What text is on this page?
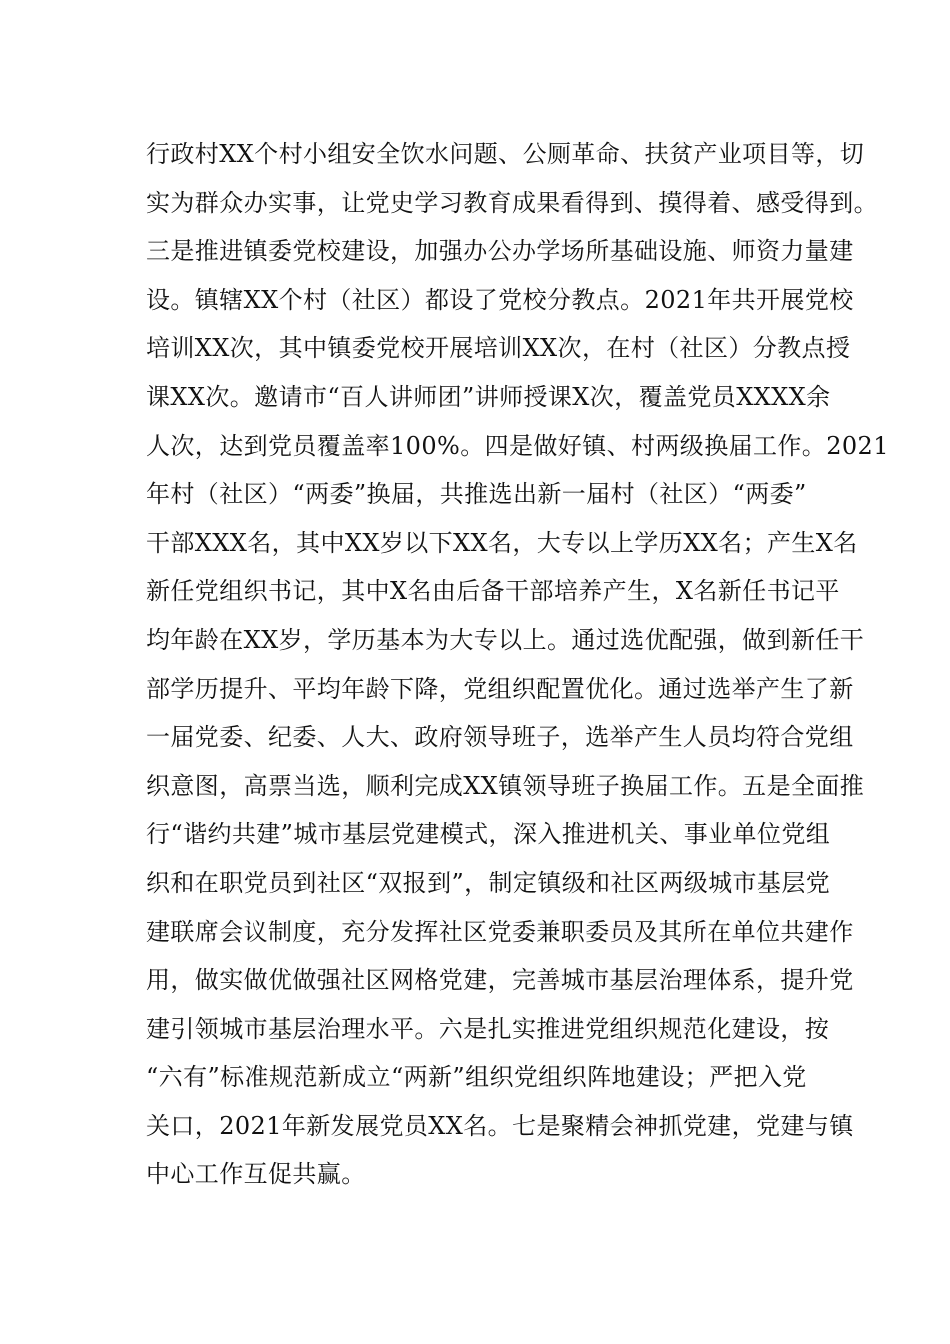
行政村XX个村小组安全饮水问题、公厕革命、扶贫产业项目等，切
实为群众办实事，让党史学习教育成果看得到、摸得着、感受得到。
三是推进镇委党校建设，加强办公办学场所基础设施、师资力量建
设。镇辖XX个村（社区）都设了党校分教点。2021年共开展党校
培训XX次，其中镇委党校开展培训XX次，在村（社区）分教点授
课XX次。邀请市“百人讲师团”讲师授课X次，覆盖党员XXXX余
人次，达到党员覆盖率100%。四是做好镇、村两级换届工作。2021
年村（社区）“两委”换届，共推选出新一届村（社区）“两委”
干部XXX名，其中XX岁以下XX名，大专以上学历XX名；产生X名
新任党组织书记，其中X名由后备干部培养产生，X名新任书记平
均年龄在XX岁，学历基本为大专以上。通过选优配强，做到新任干
部学历提升、平均年龄下降，党组织配置优化。通过选举产生了新
一届党委、纪委、人大、政府领导班子，选举产生人员均符合党组
织意图，高票当选，顺利完成XX镇领导班子换届工作。五是全面推
行“谐约共建”城市基层党建模式，深入推进机关、事业单位党组
织和在职党员到社区“双报到”，制定镇级和社区两级城市基层党
建联席会议制度，充分发挥社区党委兼职委员及其所在单位共建作
用，做实做优做强社区网格党建，完善城市基层治理体系，提升党
建引领城市基层治理水平。六是扎实推进党组织规范化建设，按
“六有”标准规范新成立“两新”组织党组织阵地建设；严把入党
关口，2021年新发展党员XX名。七是聚精会神抓党建，党建与镇
中心工作互促共赢。
